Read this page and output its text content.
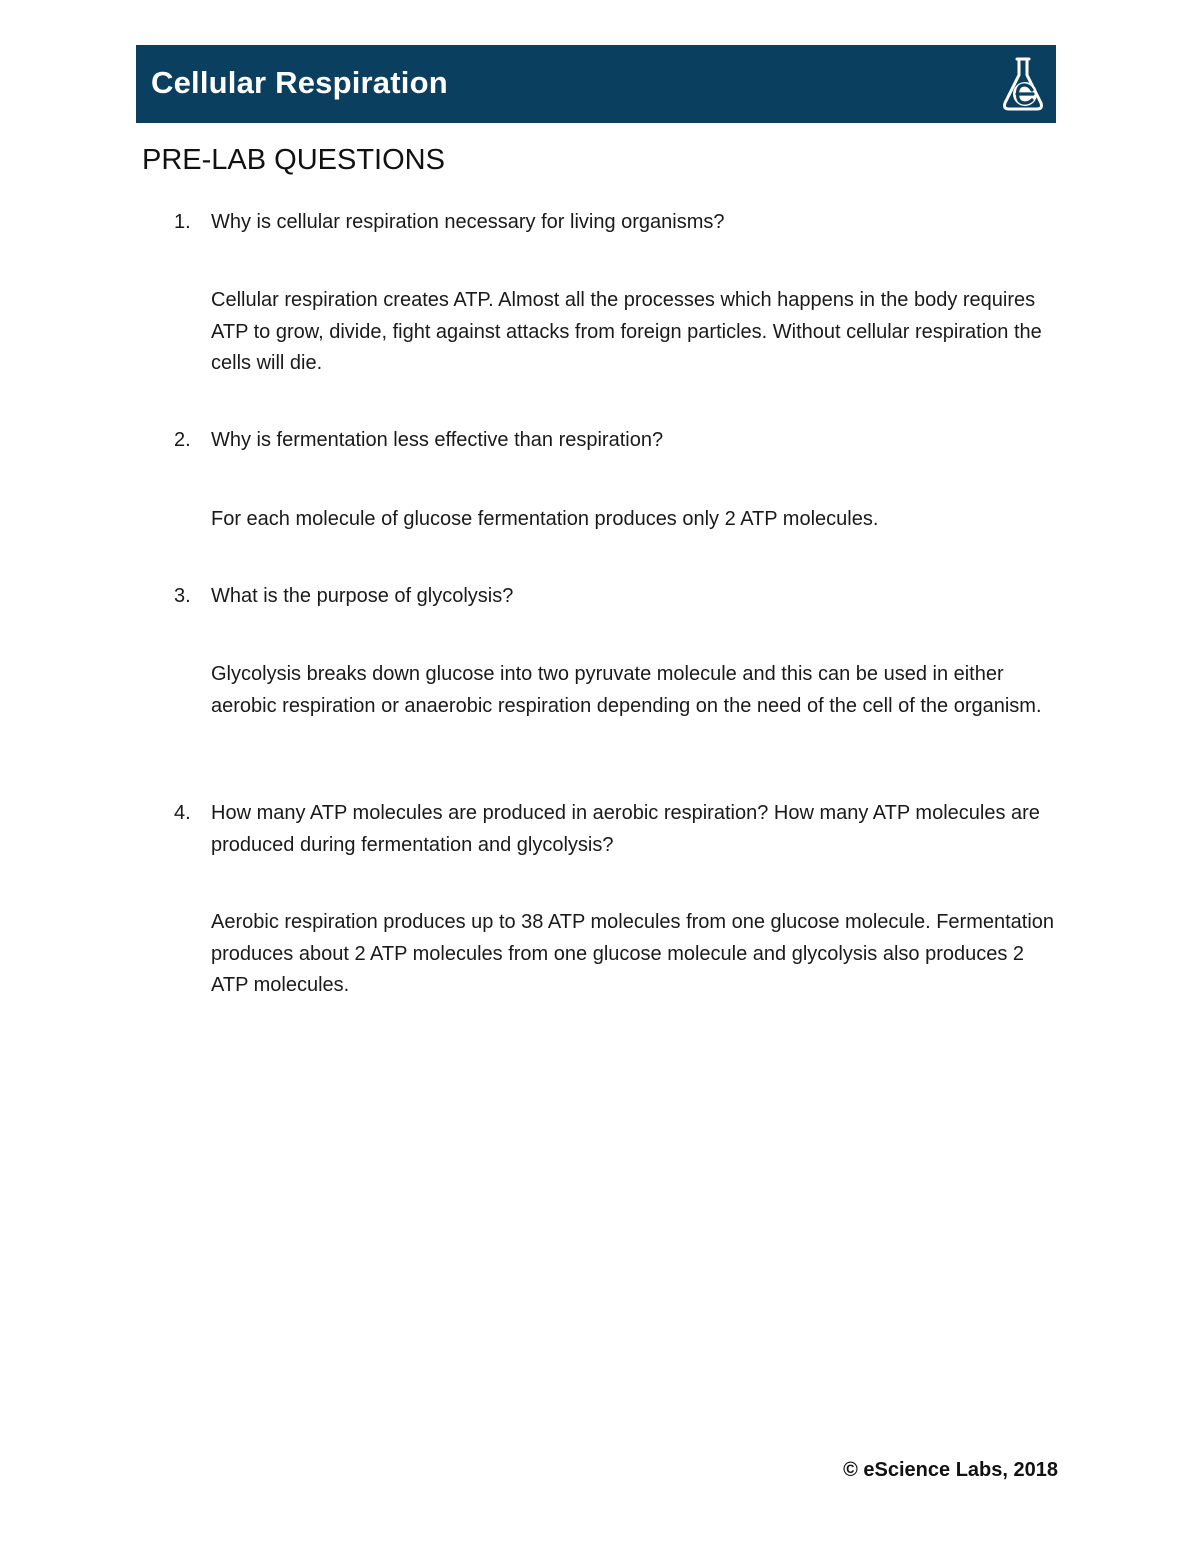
Cellular Respiration
PRE-LAB QUESTIONS
1. Why is cellular respiration necessary for living organisms?
Cellular respiration creates ATP. Almost all the processes which happens in the body requires ATP to grow, divide, fight against attacks from foreign particles. Without cellular respiration the cells will die.
2. Why is fermentation less effective than respiration?
For each molecule of glucose fermentation produces only 2 ATP molecules.
3. What is the purpose of glycolysis?
Glycolysis breaks down glucose into two pyruvate molecule and this can be used in either aerobic respiration or anaerobic respiration depending on the need of the cell of the organism.
4. How many ATP molecules are produced in aerobic respiration? How many ATP molecules are produced during fermentation and glycolysis?
Aerobic respiration produces up to 38 ATP molecules from one glucose molecule. Fermentation produces about 2 ATP molecules from one glucose molecule and glycolysis also produces 2 ATP molecules.
© eScience Labs, 2018
